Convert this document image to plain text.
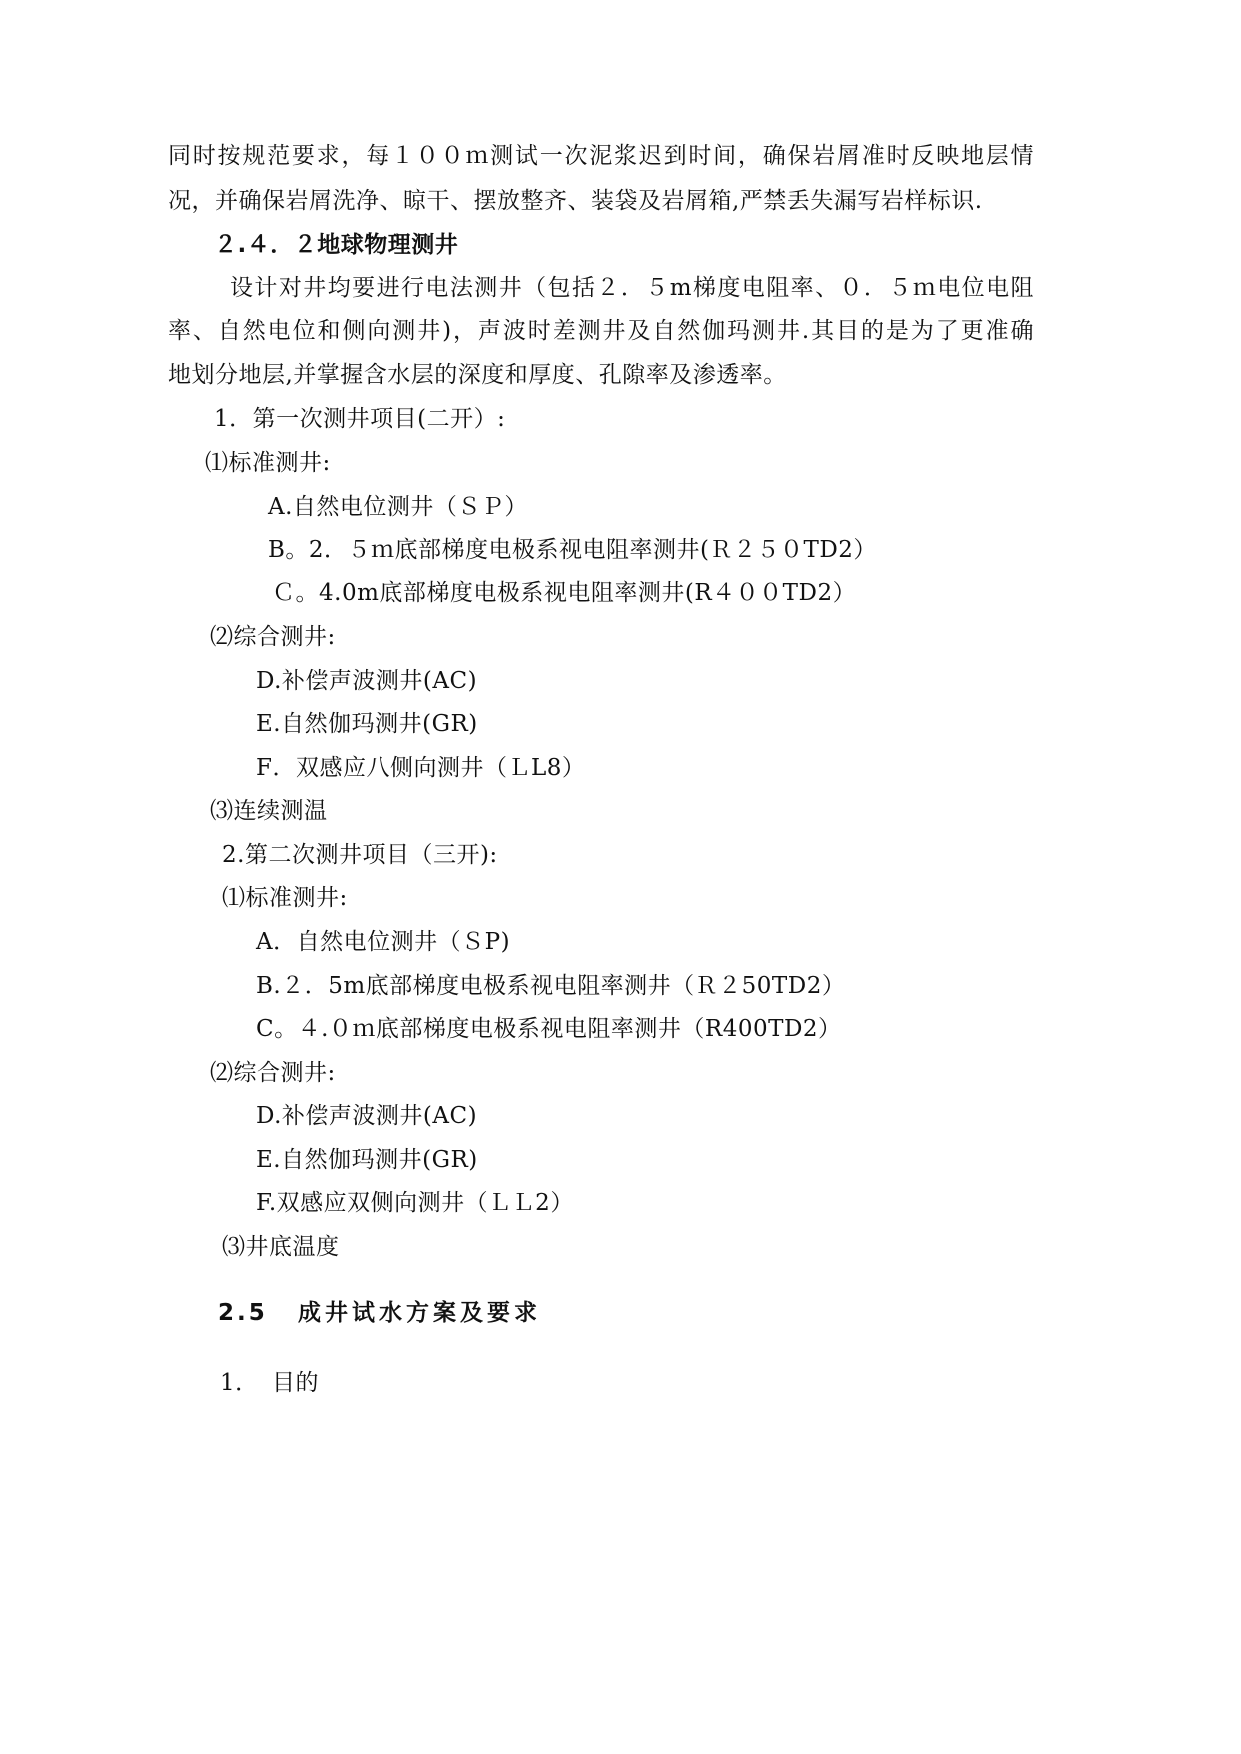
同时按规范要求，每１００ｍ测试一次泥浆迟到时间，确保岩屑准时反映地层情
况，并确保岩屑洗净、晾干、摆放整齐、装袋及岩屑箱,严禁丢失漏写岩样标识.
２.４．２地球物理测井
设计对井均要进行电法测井（包括２．５m梯度电阻率、０．５ｍ电位电阻
率、自然电位和侧向测井)，声波时差测井及自然伽玛测井.其目的是为了更准确
地划分地层,并掌握含水层的深度和厚度、孔隙率及渗透率。
1．第一次测井项目(二开）:
⑴标准测井:
A.自然电位测井（ＳＰ）
B。2．５ｍ底部梯度电极系视电阻率测井(Ｒ２５０TD2）
Ｃ。4.0m底部梯度电极系视电阻率测井(R４００TD2）
⑵综合测井:
D.补偿声波测井(AC)
E.自然伽玛测井(GR)
F．双感应八侧向测井（ＬL8）
⑶连续测温
2.第二次测井项目（三开):
⑴标准测井:
A．自然电位测井（ＳP)
B.２．5m底部梯度电极系视电阻率测井（Ｒ２50TD2）
C。４.０ｍ底部梯度电极系视电阻率测井（R400TD2）
⑵综合测井:
D.补偿声波测井(AC)
E.自然伽玛测井(GR)
F.双感应双侧向测井（ＬＬ2）
⑶井底温度
2.5 成井试水方案及要求
1． 目的
